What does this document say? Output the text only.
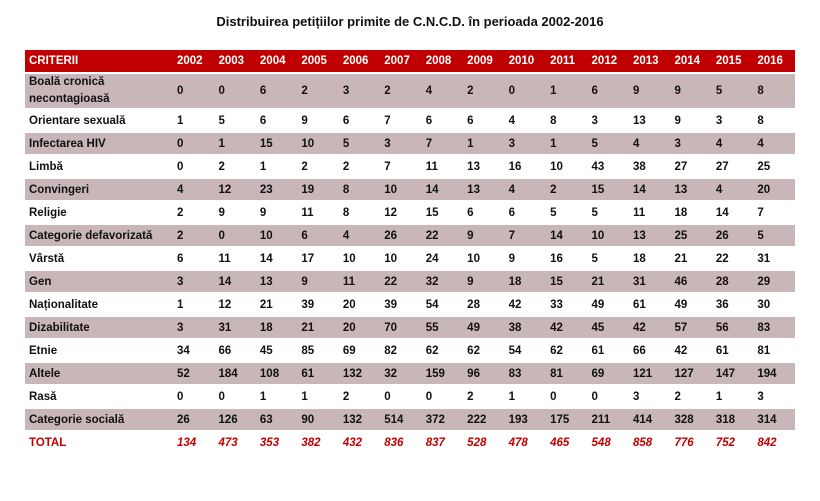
Distribuirea petițiilor primite de C.N.C.D. în perioada 2002-2016
CRITERII	2002	2003	2004	2005	2006	2007	2008	2009	2010	2011	2012	2013	2014	2015	2016
Boală cronică necontagioasă	0	0	6	2	3	2	4	2	0	1	6	9	9	5	8
Orientare sexuală	1	5	6	9	6	7	6	6	4	8	3	13	9	3	8
Infectarea HIV	0	1	15	10	5	3	7	1	3	1	5	4	3	4	4
Limbă	0	2	1	2	2	7	11	13	16	10	43	38	27	27	25
Convingeri	4	12	23	19	8	10	14	13	4	2	15	14	13	4	20
Religie	2	9	9	11	8	12	15	6	6	5	5	11	18	14	7
Categorie defavorizată	2	0	10	6	4	26	22	9	7	14	10	13	25	26	5
Vârstă	6	11	14	17	10	10	24	10	9	16	5	18	21	22	31
Gen	3	14	13	9	11	22	32	9	18	15	21	31	46	28	29
Naționalitate	1	12	21	39	20	39	54	28	42	33	49	61	49	36	30
Dizabilitate	3	31	18	21	20	70	55	49	38	42	45	42	57	56	83
Etnie	34	66	45	85	69	82	62	62	54	62	61	66	42	61	81
Altele	52	184	108	61	132	32	159	96	83	81	69	121	127	147	194
Rasă	0	0	1	1	2	0	0	2	1	0	0	3	2	1	3
Categorie socială	26	126	63	90	132	514	372	222	193	175	211	414	328	318	314
TOTAL	134	473	353	382	432	836	837	528	478	465	548	858	776	752	842
